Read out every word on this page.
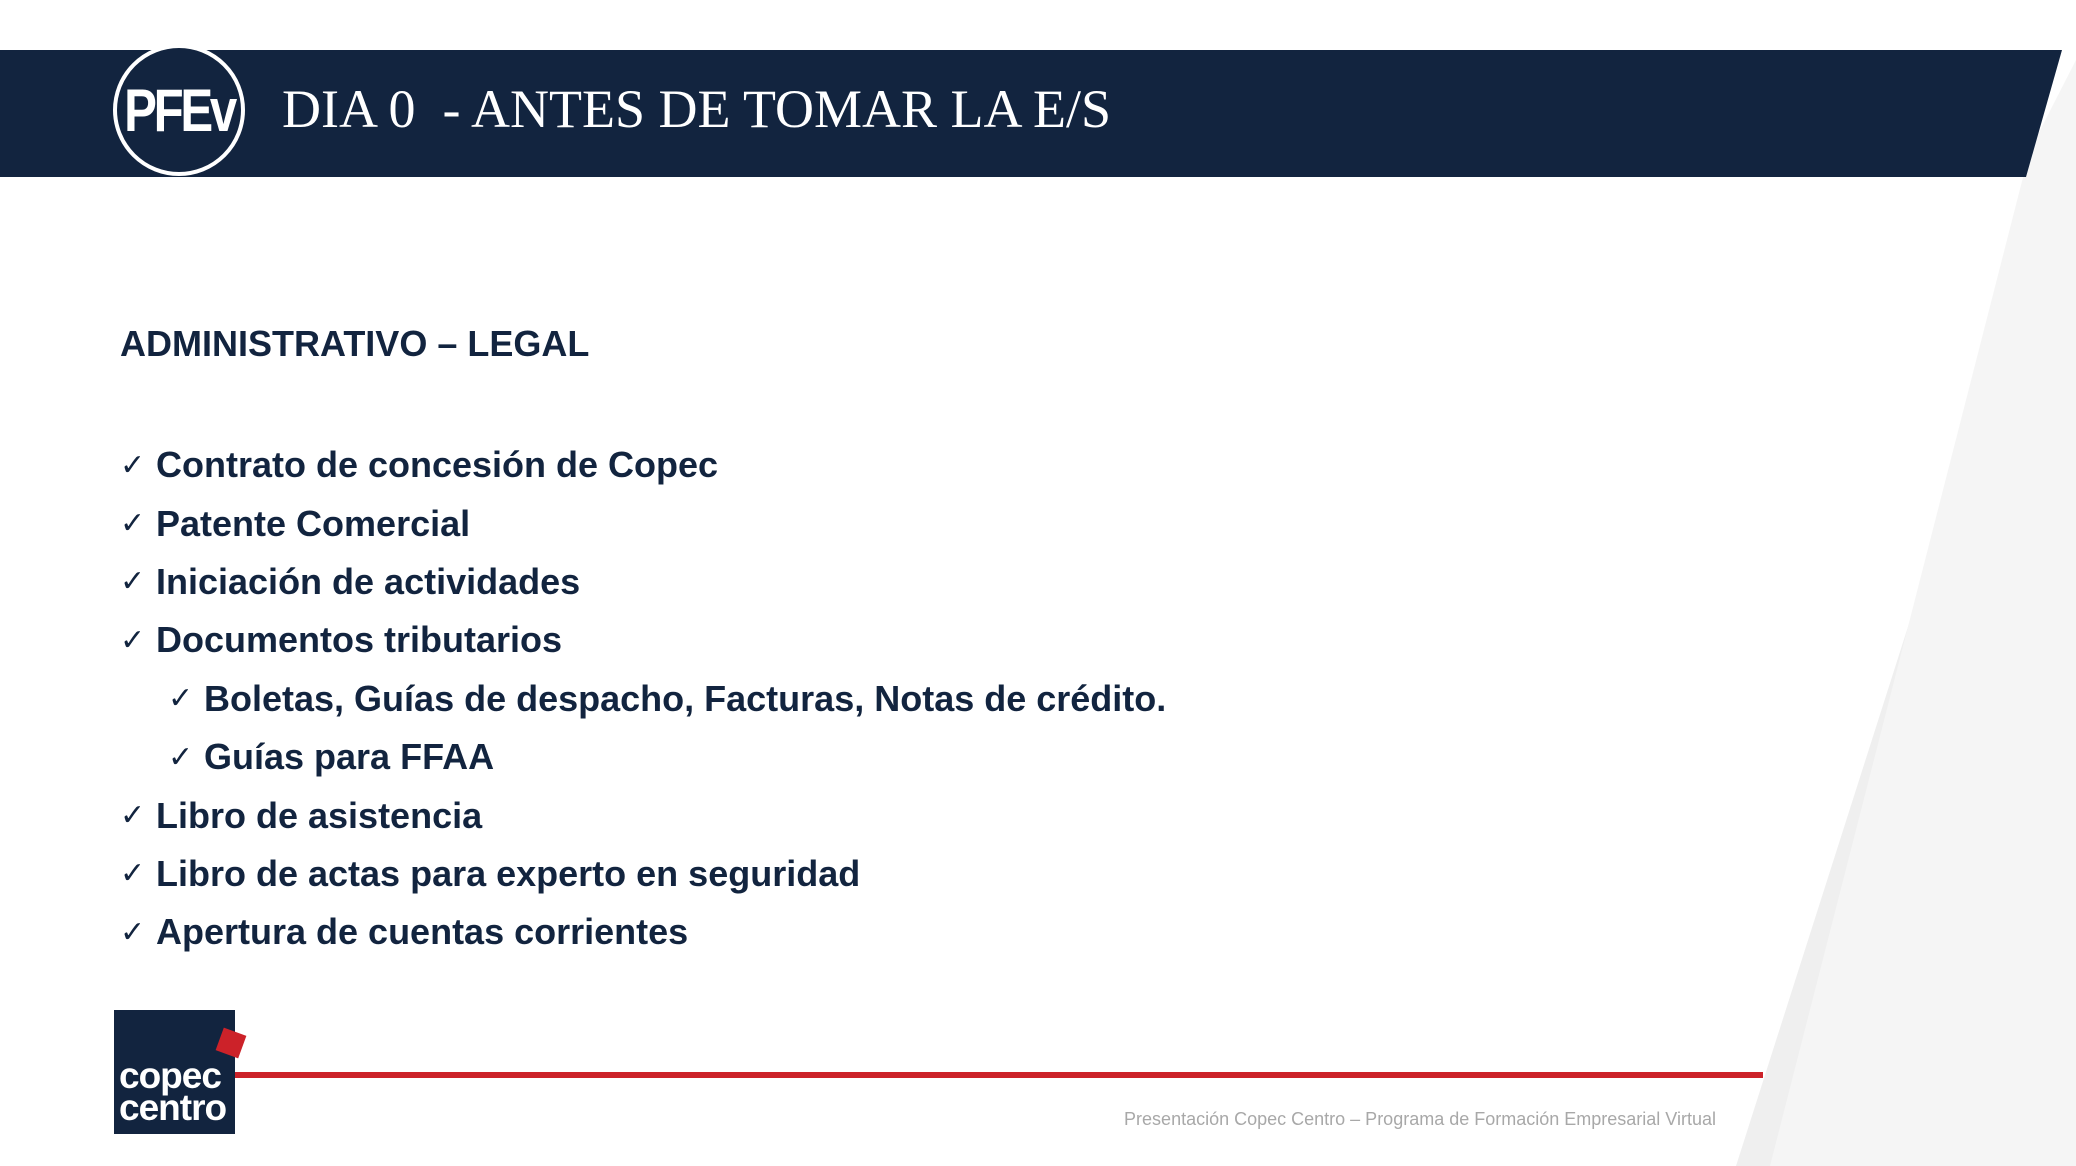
PFEv DIA 0  - ANTES DE TOMAR LA E/S
ADMINISTRATIVO – LEGAL
✓ Contrato de concesión de Copec
✓ Patente Comercial
✓ Iniciación de actividades
✓ Documentos tributarios
✓ Boletas, Guías de despacho, Facturas, Notas de crédito.
✓ Guías para FFAA
✓ Libro de asistencia
✓ Libro de actas para experto en seguridad
✓ Apertura de cuentas corrientes
copec
centro	Presentación Copec Centro – Programa de Formación Empresarial Virtual
